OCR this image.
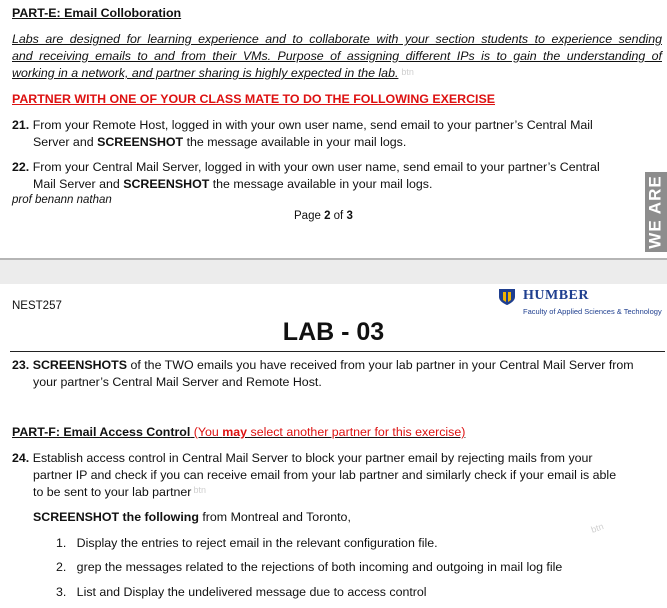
PART-E: Email Colloboration
Labs are designed for learning experience and to collaborate with your section students to experience sending
and receiving emails to and from their VMs. Purpose of assigning different IPs is to gain the understanding of
working in a network, and partner sharing is highly expected in the lab. btn
PARTNER WITH ONE OF YOUR CLASS MATE TO DO THE FOLLOWING EXERCISE
21. From your Remote Host, logged in with your own user name, send email to your partner’s Central Mail
Server and SCREENSHOT the message available in your mail logs.
22. From your Central Mail Server, logged in with your own user name, send email to your partner’s Central
Mail Server and SCREENSHOT the message available in your mail logs.
prof benann nathan
Page 2 of 3	WE ARE
NEST257
HUMBER
Faculty of Applied Sciences & Technology
LAB - 03
23. SCREENSHOTS of the TWO emails you have received from your lab partner in your Central Mail Server from
your partner’s Central Mail Server and Remote Host.
PART-F: Email Access Control (You may select another partner for this exercise)
24. Establish access control in Central Mail Server to block your partner email by rejecting mails from your
partner IP and check if you can receive email from your lab partner and similarly check if your email is able
to be sent to your lab partner $^{btn}$
SCREENSHOT the following from Montreal and Toronto,
btn
1. Display the entries to reject email in the relevant configuration file.
2. grep the messages related to the rejections of both incoming and outgoing in mail log file
3. List and Display the undelivered message due to access control
